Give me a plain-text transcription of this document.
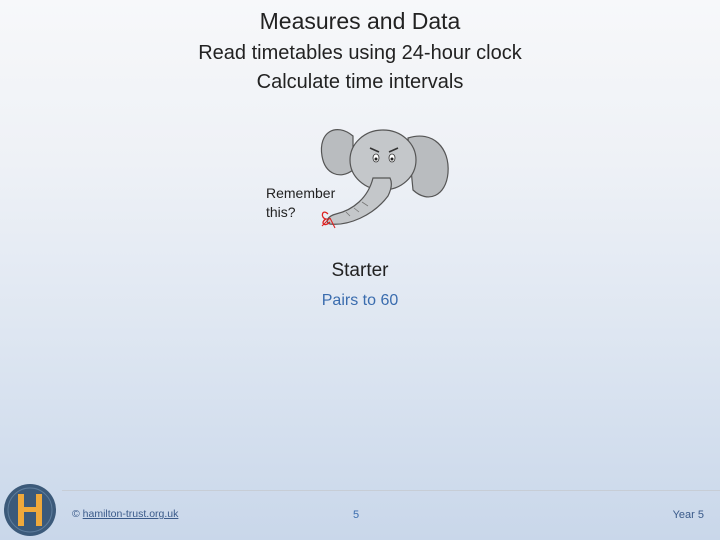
Measures and Data
Read timetables using 24-hour clock
Calculate time intervals
Remember
this?
Starter
Pairs to 60
© hamilton-trust.org.uk	5	Year 5
